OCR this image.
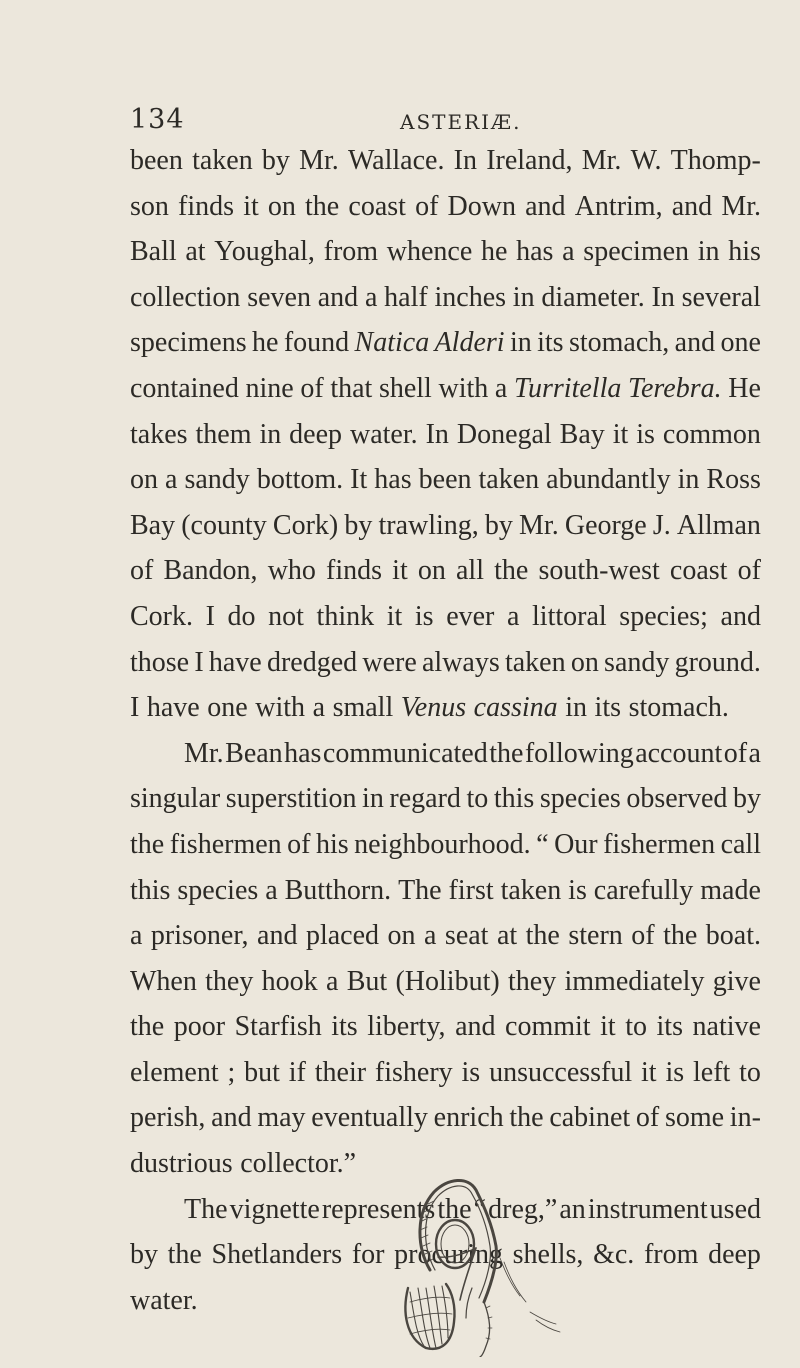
134	ASTERIÆ.
been taken by Mr. Wallace. In Ireland, Mr. W. Thomp-
son finds it on the coast of Down and Antrim, and Mr.
Ball at Youghal, from whence he has a specimen in his
collection seven and a half inches in diameter. In several
specimens he found Natica Alderi in its stomach, and one
contained nine of that shell with a Turritella Terebra. He
takes them in deep water. In Donegal Bay it is common
on a sandy bottom. It has been taken abundantly in Ross
Bay (county Cork) by trawling, by Mr. George J. Allman
of Bandon, who finds it on all the south-west coast of
Cork. I do not think it is ever a littoral species; and
those I have dredged were always taken on sandy ground.
I have one with a small Venus cassina in its stomach.
Mr. Bean has communicated the following account of a
singular superstition in regard to this species observed by
the fishermen of his neighbourhood. “ Our fishermen call
this species a Butthorn. The first taken is carefully made
a prisoner, and placed on a seat at the stern of the boat.
When they hook a But (Holibut) they immediately give
the poor Starfish its liberty, and commit it to its native
element ; but if their fishery is unsuccessful it is left to
perish, and may eventually enrich the cabinet of some in-
dustrious collector.”
The vignette represents the “ dreg,” an instrument used
by the Shetlanders for procuring shells, &c. from deep
water.
